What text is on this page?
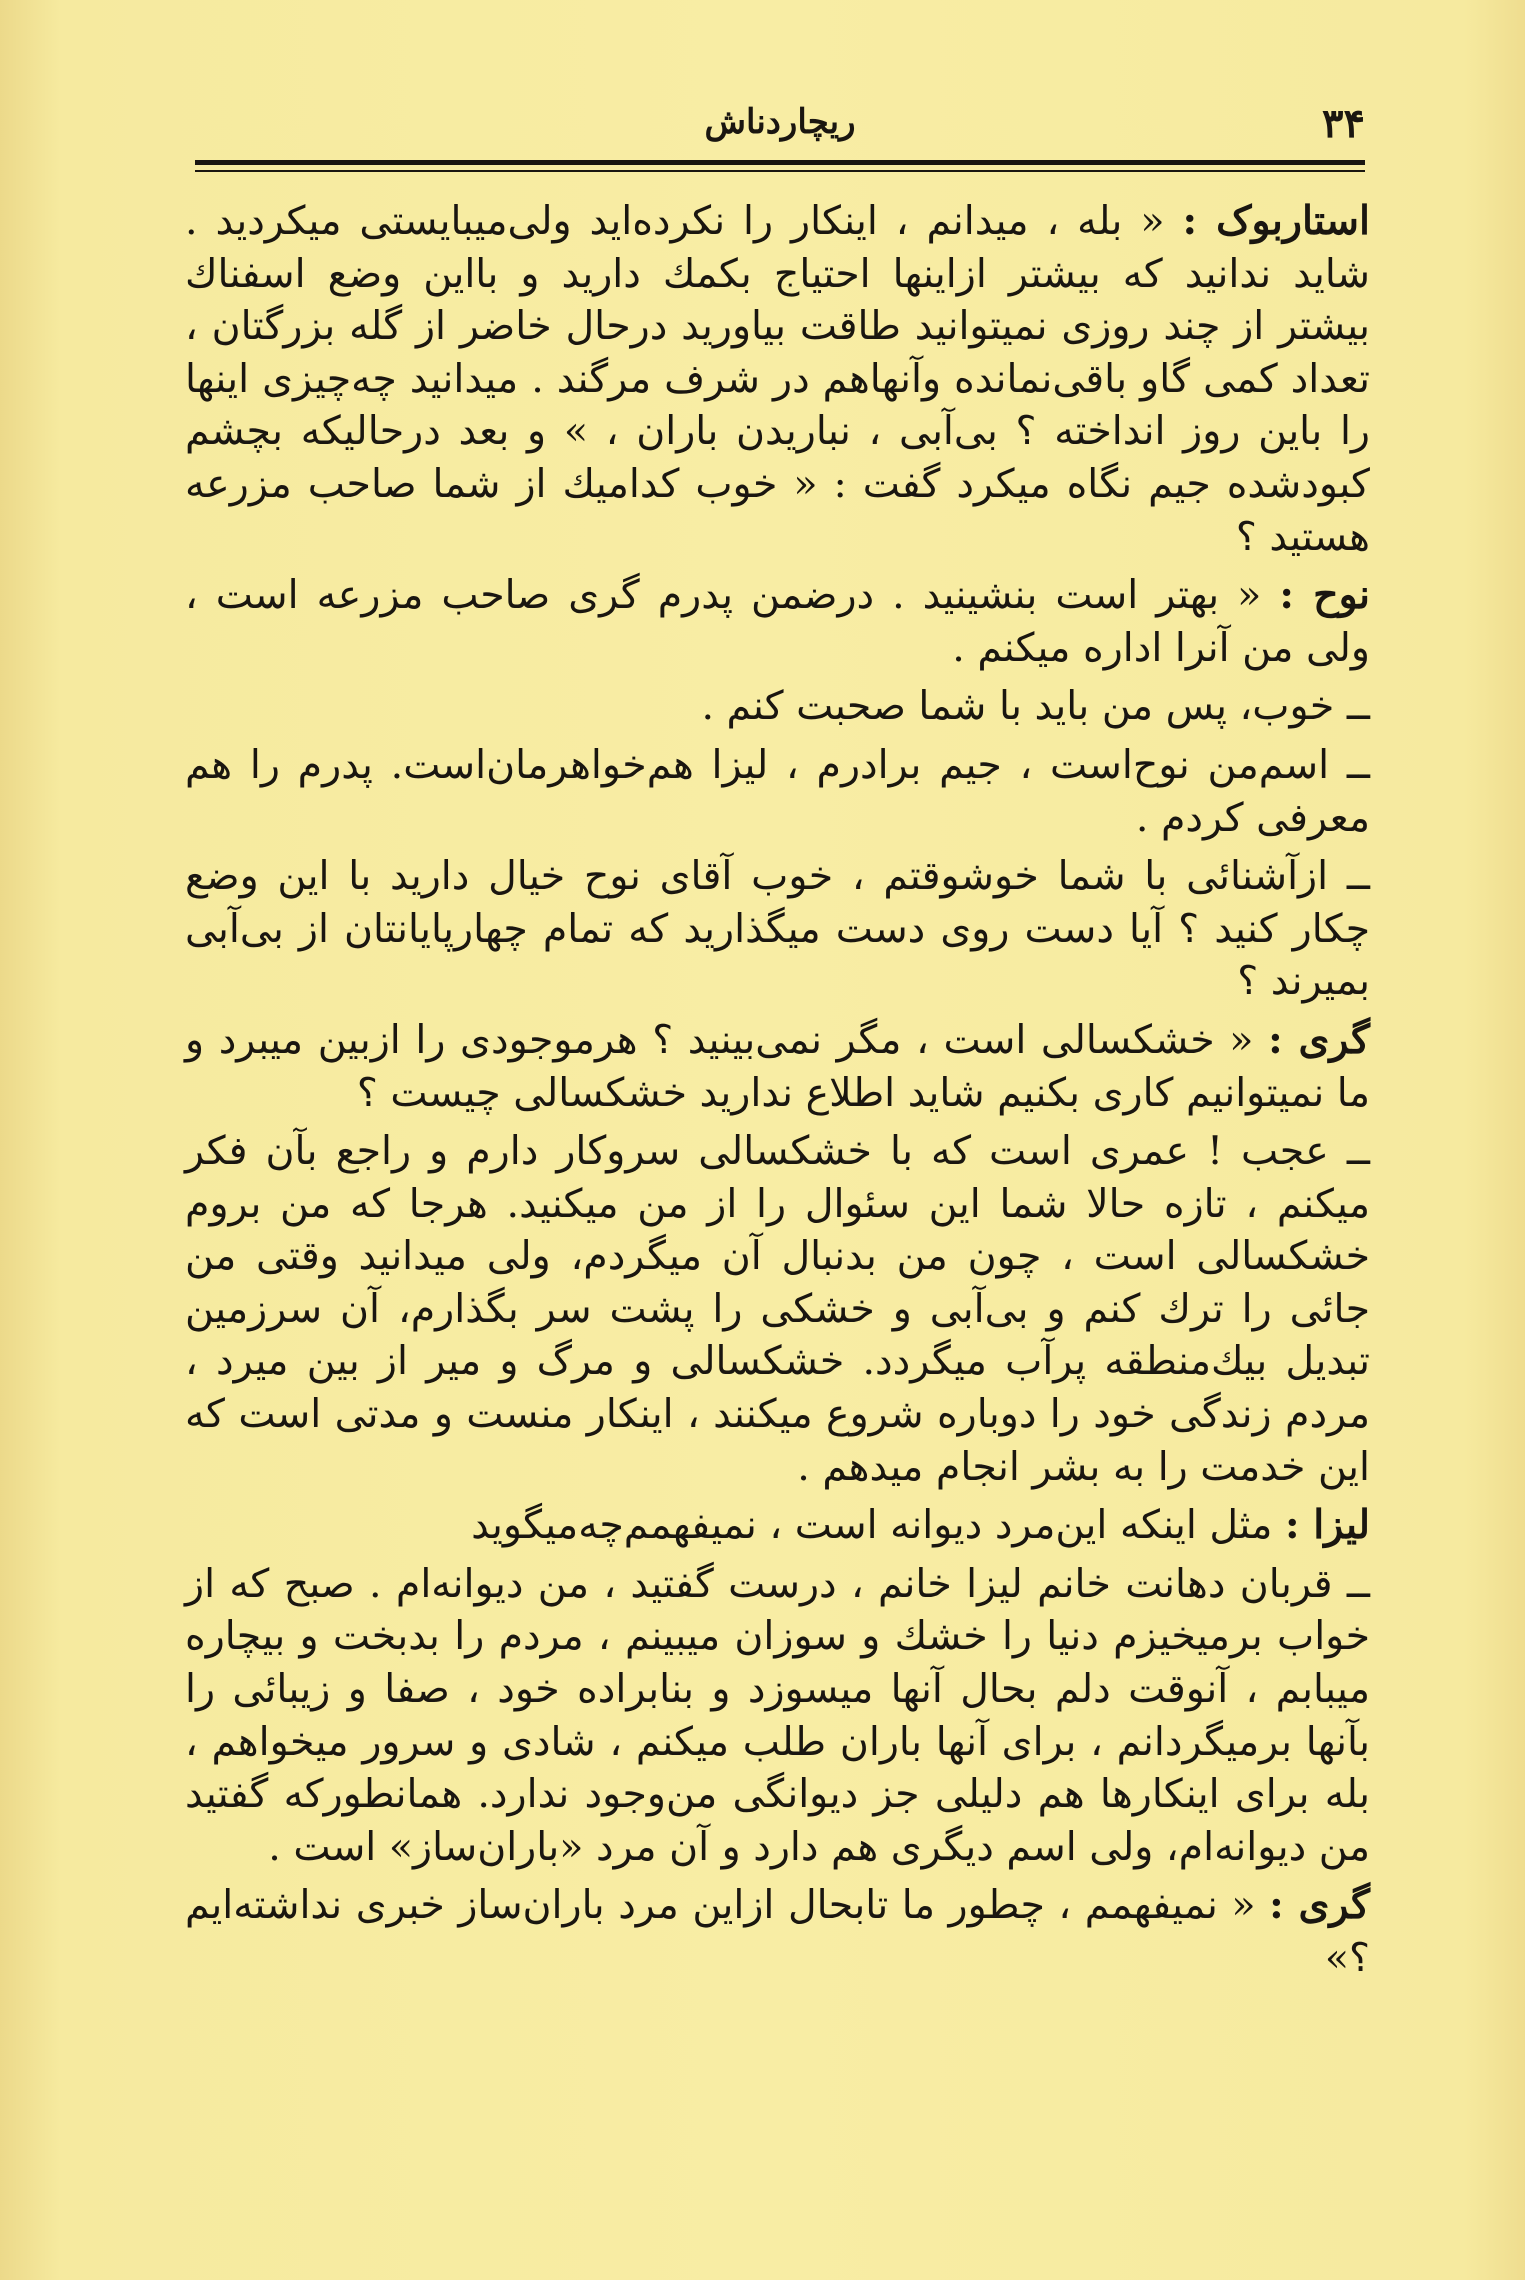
۳۴
ریچاردناش

استاربوک : « بله ، میدانم ، اینکار را نکرده‌اید ولی‌میبایستی میکردید . شاید ندانید که بیشتر ازاینها احتیاج بکمك دارید و بااین وضع اسفناك بیشتر از چند روزی نمیتوانید طاقت بیاورید درحال خاضر از گله بزرگتان ، تعداد کمی گاو باقی‌نمانده وآنهاهم در شرف مرگند . میدانید چه‌چیزی اینها را باین روز انداخته ؟ بی‌آبی ، نباریدن باران ، » و بعد درحالیکه بچشم کبودشده جیم نگاه میکرد گفت : « خوب کدامیك از شما صاحب مزرعه هستید ؟

نوح : « بهتر است بنشینید . درضمن پدرم گری صاحب مزرعه است ، ولی من آنرا اداره میکنم .

ــ خوب، پس من باید با شما صحبت کنم .

ــ اسم‌من نوح‌است ، جیم برادرم ، لیزا هم‌خواهرمان‌است. پدرم را هم معرفی کردم .

ــ ازآشنائی با شما خوشوقتم ، خوب آقای نوح خیال دارید با این وضع چکار کنید ؟ آیا دست روی دست میگذارید که تمام چهارپایانتان از بی‌آبی بمیرند ؟

گری : « خشکسالی است ، مگر نمی‌بینید ؟ هرموجودی را ازبین میبرد و ما نمیتوانیم کاری بکنیم شاید اطلاع ندارید خشکسالی چیست ؟

ــ عجب ! عمری است که با خشکسالی سروکار دارم و راجع بآن فکر میکنم ، تازه حالا شما این سئوال را از من میکنید. هرجا که من بروم خشکسالی است ، چون من بدنبال آن میگردم، ولی میدانید وقتی من جائی را ترك کنم و بی‌آبی و خشکی را پشت سر بگذارم، آن سرزمین تبدیل بیك‌منطقه پرآب میگردد. خشکسالی و مرگ و میر از بین میرد ، مردم زندگی خود را دوباره شروع میکنند ، اینکار منست و مدتی است که این خدمت را به بشر انجام میدهم .

لیزا : مثل اینکه این‌مرد دیوانه است ، نمیفهمم‌چه‌میگوید

ــ قربان دهانت خانم لیزا خانم ، درست گفتید ، من دیوانه‌ام . صبح که از خواب برمیخیزم دنیا را خشك و سوزان میبینم ، مردم را بدبخت و بیچاره میبابم ، آنوقت دلم بحال آنها میسوزد و بنابراده خود ، صفا و زیبائی را بآنها برمیگردانم ، برای آنها باران طلب میکنم ، شادی و سرور میخواهم ، بله برای اینکارها هم دلیلی جز دیوانگی من‌وجود ندارد. همانطورکه گفتید من دیوانه‌ام، ولی اسم دیگری هم دارد و آن مرد «باران‌ساز» است .

گری : « نمیفهمم ، چطور ما تابحال ازاین مرد باران‌ساز خبری نداشته‌ایم ؟»
